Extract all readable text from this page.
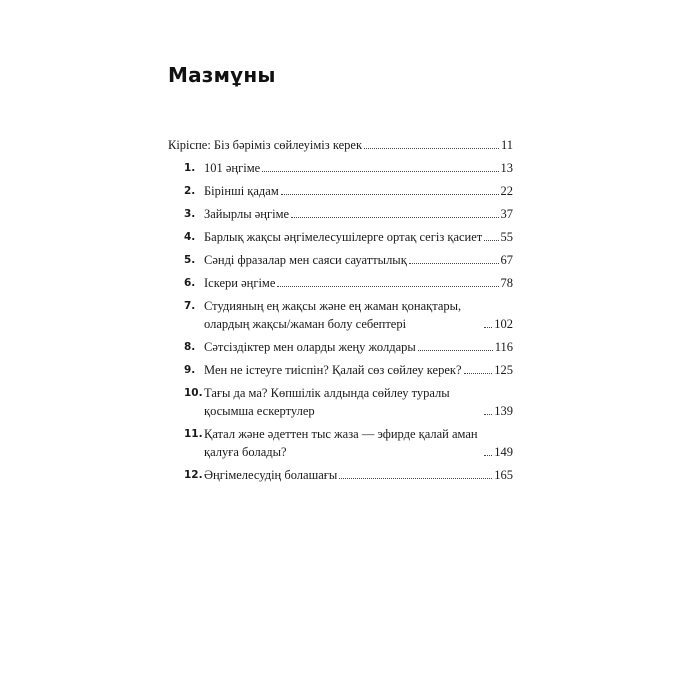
Мазмұны
Кіріспе: Біз бәріміз сөйлеуіміз керек	11
1. 101 әңгіме	13
2. Бірінші қадам	22
3. Зайырлы әңгіме	37
4. Барлық жақсы әңгімелесушілерге ортақ сегіз қасиет 55
5. Сәнді фразалар мен саяси сауаттылық	67
6. Іскери әңгіме	78
7. Студияның ең жақсы және ең жаман қонақтары, олардың жақсы/жаман болу себептері	102
8. Сәтсіздіктер мен оларды жеңу жолдары	116
9. Мен не істеуге тиіспін? Қалай сөз сөйлеу керек?	125
10. Тағы да ма? Көпшілік алдында сөйлеу туралы қосымша ескертулер	139
11. Қатал және әдеттен тыс жаза — эфирде қалай аман қалуға болады?	149
12. Әңгімелесудің болашағы	165
